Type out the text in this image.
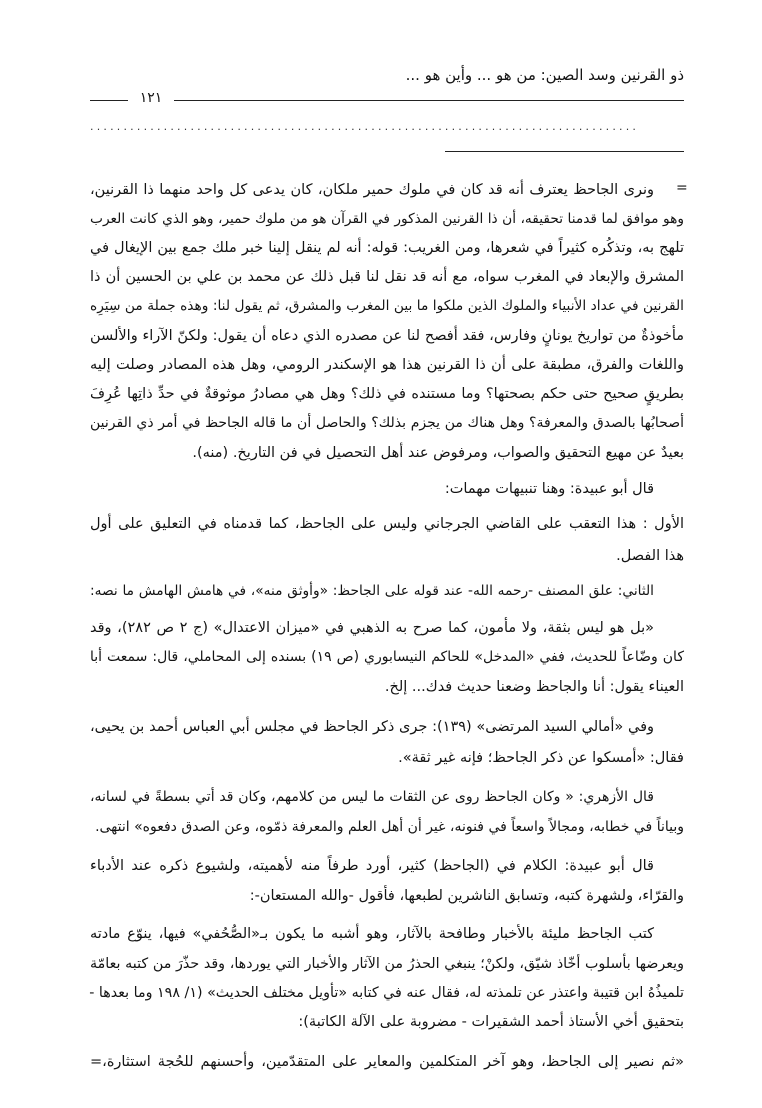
ذو القرنين وسد الصين: من هو ... وأين هو ...
١٢١
..................................................................................
=
ونرى الجاحظ يعترف أنه قد كان في ملوك حمير ملكان، كان يدعى كل واحد منهما ذا القرنين،
وهو موافق لما قدمنا تحقيقه، أن ذا القرنين المذكور في القرآن هو من ملوك حمير، وهو الذي كانت العرب
تلهج به، وتذكُره كثيراً في شعرها، ومن الغريب: قوله: أنه لم ينقل إلينا خبر ملك جمع بين الإيغال في
المشرق والإبعاد في المغرب سواه، مع أنه قد نقل لنا قبل ذلك عن محمد بن علي بن الحسين أن ذا
القرنين في عداد الأنبياء والملوك الذين ملكوا ما بين المغرب والمشرق، ثم يقول لنا: وهذه جملة من سِيَرِه
مأخوذةٌ من تواريخ يونانٍ وفارس، فقد أفصح لنا عن مصدره الذي دعاه أن يقول: ولكنّ الآراء والألسن
واللغات والفرق، مطبقة على أن ذا القرنين هذا هو الإسكندر الرومي، وهل هذه المصادر وصلت إليه
بطريقٍ صحيح حتى حكم بصحتها؟ وما مستنده في ذلك؟ وهل هي مصادرُ موثوقةٌ في حدِّ ذاتِها عُرِفَ
أصحابُها بالصدق والمعرفة؟ وهل هناك من يجزم بذلك؟ والحاصل أن ما قاله الجاحظ في أمر ذي القرنين
بعيدٌ عن مهيع التحقيق والصواب، ومرفوض عند أهل التحصيل في فن التاريخ. (منه).
قال أبو عبيدة: وهنا تنبيهات مهمات:
الأول : هذا التعقب على القاضي الجرجاني وليس على الجاحظ، كما قدمناه في التعليق على أول
هذا الفصل.
الثاني: علق المصنف -رحمه الله- عند قوله على الجاحظ: «وأوثق منه»، في هامش الهامش ما نصه:
«بل هو ليس بثقة، ولا مأمون، كما صرح به الذهبي في «ميزان الاعتدال» (ج ٢ ص ٢٨٢)، وقد
كان وضّاعاً للحديث، ففي «المدخل» للحاكم النيسابوري (ص ١٩) بسنده إلى المحاملي، قال: سمعت أبا
العيناء يقول: أنا والجاحظ وضعنا حديث فدك... إلخ.
وفي «أمالي السيد المرتضى» (١٣٩): جرى ذكر الجاحظ في مجلس أبي العباس أحمد بن يحيى،
فقال: «أمسكوا عن ذكر الجاحظ؛ فإنه غير ثقة».
قال الأزهري: « وكان الجاحظ روى عن الثقات ما ليس من كلامهم، وكان قد أتي بسطةً في لسانه،
وبياناً في خطابه، ومجالاً واسعاً في فنونه، غير أن أهل العلم والمعرفة ذمّوه، وعن الصدق دفعوه» انتهى.
قال أبو عبيدة: الكلام في (الجاحظ) كثير، أورد طرفاً منه لأهميته، ولشيوع ذكره عند الأدباء
والقرّاء، ولشهرة كتبه، وتسابق الناشرين لطبعها، فأقول -والله المستعان-:
كتب الجاحظ مليئة بالأخبار وطافحة بالآثار، وهو أشبه ما يكون بـ«الصُّحُفي» فيها، ينوّع مادته
ويعرضها بأسلوب أخّاذ شيّق، ولكنْ؛ ينبغي الحذرُ من الآثار والأخبار التي يوردها، وقد حذّرَ من كتبه بعامّة
تلميذُهُ ابن قتيبة واعتذر عن تلمذته له، فقال عنه في كتابه «تأويل مختلف الحديث» (١/ ١٩٨ وما بعدها -
بتحقيق أخي الأستاذ أحمد الشقيرات - مضروبة على الآلة الكاتبة):
«ثم نصير إلى الجاحظ، وهو آخر المتكلمين والمعاير على المتقدّمين، وأحسنهم للحُجة استثارة،=
